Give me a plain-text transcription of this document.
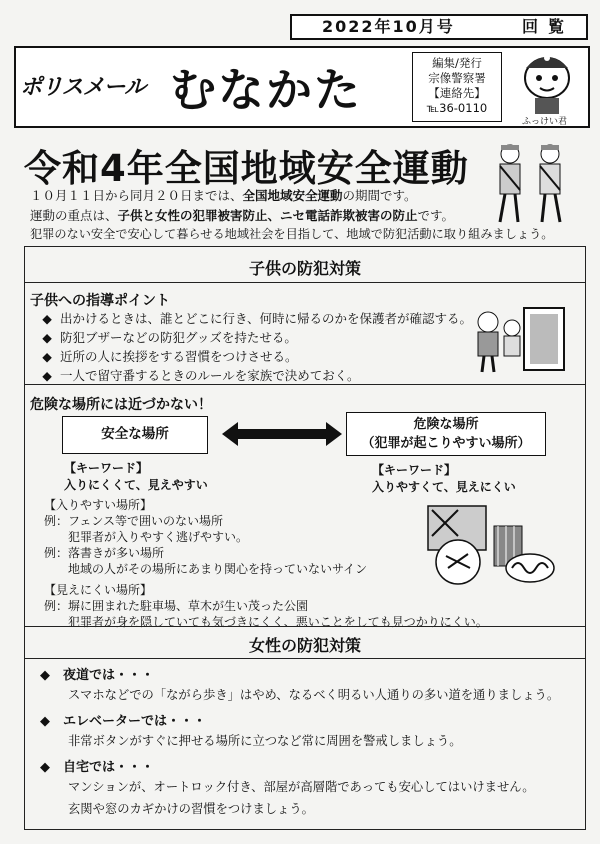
2022年10月号	回覧
ポリスメール むなかた	編集/発行
宗像警察署
【連絡先】
℡36-0110
ふっけい君
令和4年全国地域安全運動
１０月１１日から同月２０日までは、全国地域安全運動の期間です。
運動の重点は、子供と女性の犯罪被害防止、ニセ電話詐欺被害の防止です。
犯罪のない安全で安心して暮らせる地域社会を目指して、地域で防犯活動に取り組みましょう。
子供の防犯対策
子供への指導ポイント
◆ 出かけるときは、誰とどこに行き、何時に帰るのかを保護者が確認する。
◆ 防犯ブザーなどの防犯グッズを持たせる。
◆ 近所の人に挨拶をする習慣をつけさせる。
◆ 一人で留守番するときのルールを家族で決めておく。
危険な場所には近づかない！
安全な場所
危険な場所
（犯罪が起こりやすい場所）
【キーワード】
入りにくくて、見えやすい
【キーワード】
入りやすくて、見えにくい
【入りやすい場所】
例：フェンス等で囲いのない場所
　　犯罪者が入りやすく逃げやすい。
例：落書きが多い場所
　　地域の人がその場所にあまり関心を持っていないサイン
【見えにくい場所】
例：塀に囲まれた駐車場、草木が生い茂った公園
　　犯罪者が身を隠していても気づきにくく、悪いことをしても見つかりにくい。
女性の防犯対策
◆　夜道では・・・
スマホなどでの「ながら歩き」はやめ、なるべく明るい人通りの多い道を通りましょう。
◆　エレベーターでは・・・
非常ボタンがすぐに押せる場所に立つなど常に周囲を警戒しましょう。
◆　自宅では・・・
マンションが、オートロック付き、部屋が高層階であっても安心してはいけません。
玄関や窓のカギかけの習慣をつけましょう。
